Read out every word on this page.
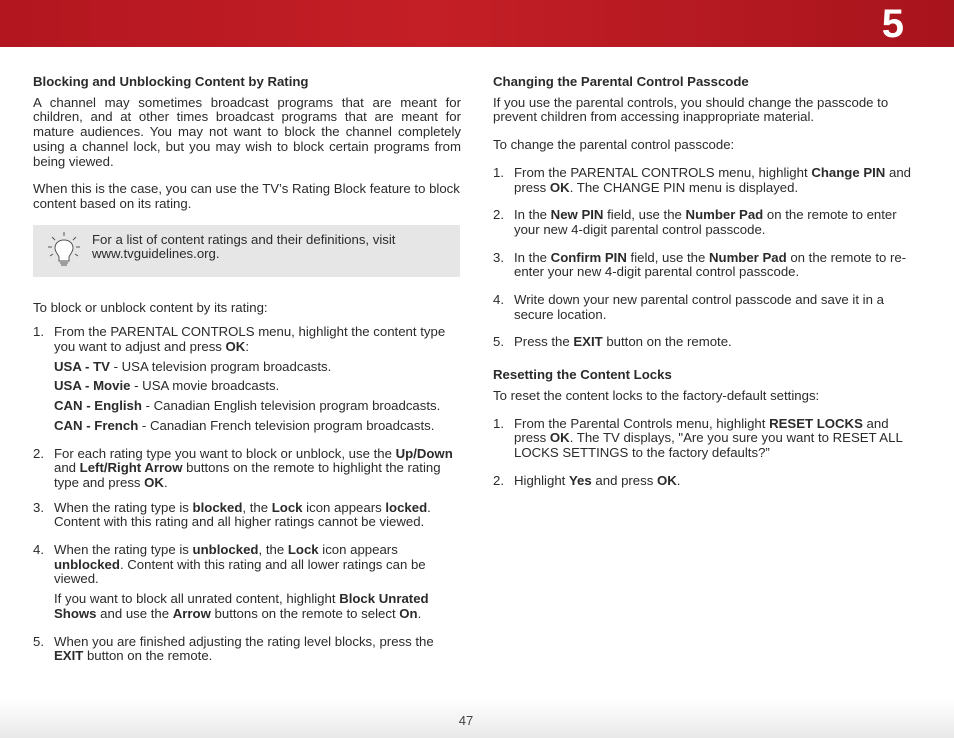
5
Blocking and Unblocking Content by Rating

A channel may sometimes broadcast programs that are meant for children, and at other times broadcast programs that are meant for mature audiences. You may not want to block the channel completely using a channel lock, but you may wish to block certain programs from being viewed.

When this is the case, you can use the TV’s Rating Block feature to block content based on its rating.

For a list of content ratings and their definitions, visit www.tvguidelines.org.

To block or unblock content by its rating:

1. From the PARENTAL CONTROLS menu, highlight the content type you want to adjust and press OK:
USA - TV - USA television program broadcasts.
USA - Movie - USA movie broadcasts.
CAN - English - Canadian English television program broadcasts.
CAN - French - Canadian French television program broadcasts.
2. For each rating type you want to block or unblock, use the Up/Down and Left/Right Arrow buttons on the remote to highlight the rating type and press OK.
3. When the rating type is blocked, the Lock icon appears locked. Content with this rating and all higher ratings cannot be viewed.
4. When the rating type is unblocked, the Lock icon appears unblocked. Content with this rating and all lower ratings can be viewed.
If you want to block all unrated content, highlight Block Unrated Shows and use the Arrow buttons on the remote to select On.
5. When you are finished adjusting the rating level blocks, press the EXIT button on the remote.
Changing the Parental Control Passcode

If you use the parental controls, you should change the passcode to prevent children from accessing inappropriate material.

To change the parental control passcode:

1. From the PARENTAL CONTROLS menu, highlight Change PIN and press OK. The CHANGE PIN menu is displayed.
2. In the New PIN field, use the Number Pad on the remote to enter your new 4-digit parental control passcode.
3. In the Confirm PIN field, use the Number Pad on the remote to re-enter your new 4-digit parental control passcode.
4. Write down your new parental control passcode and save it in a secure location.
5. Press the EXIT button on the remote.
Resetting the Content Locks

To reset the content locks to the factory-default settings:

1. From the Parental Controls menu, highlight RESET LOCKS and press OK. The TV displays, "Are you sure you want to RESET ALL LOCKS SETTINGS to the factory defaults?”
2. Highlight Yes and press OK.
47
